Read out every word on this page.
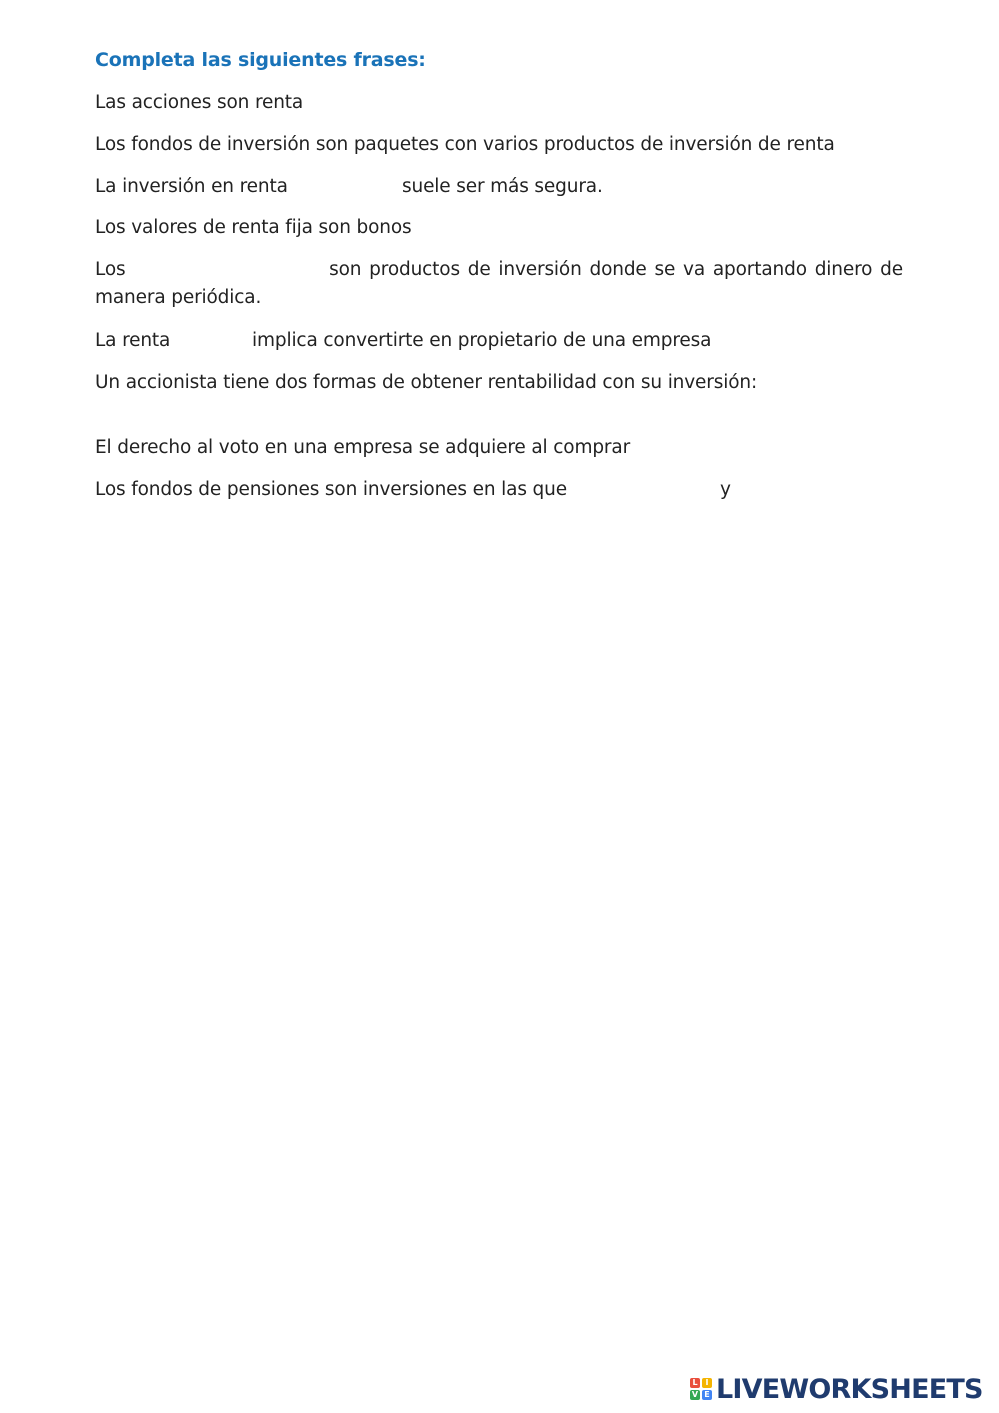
Completa las siguientes frases:
Las acciones son renta
Los fondos de inversión son paquetes con varios productos de inversión de renta
La inversión en renta	suele ser más segura.
Los valores de renta fija son bonos
Los	son productos de inversión donde se va aportando dinero de
manera periódica.
La renta	implica convertirte en propietario de una empresa
Un accionista tiene dos formas de obtener rentabilidad con su inversión:
El derecho al voto en una empresa se adquiere al comprar
Los fondos de pensiones son inversiones en las que	y
L I
V E LIVEWORKSHEETS
